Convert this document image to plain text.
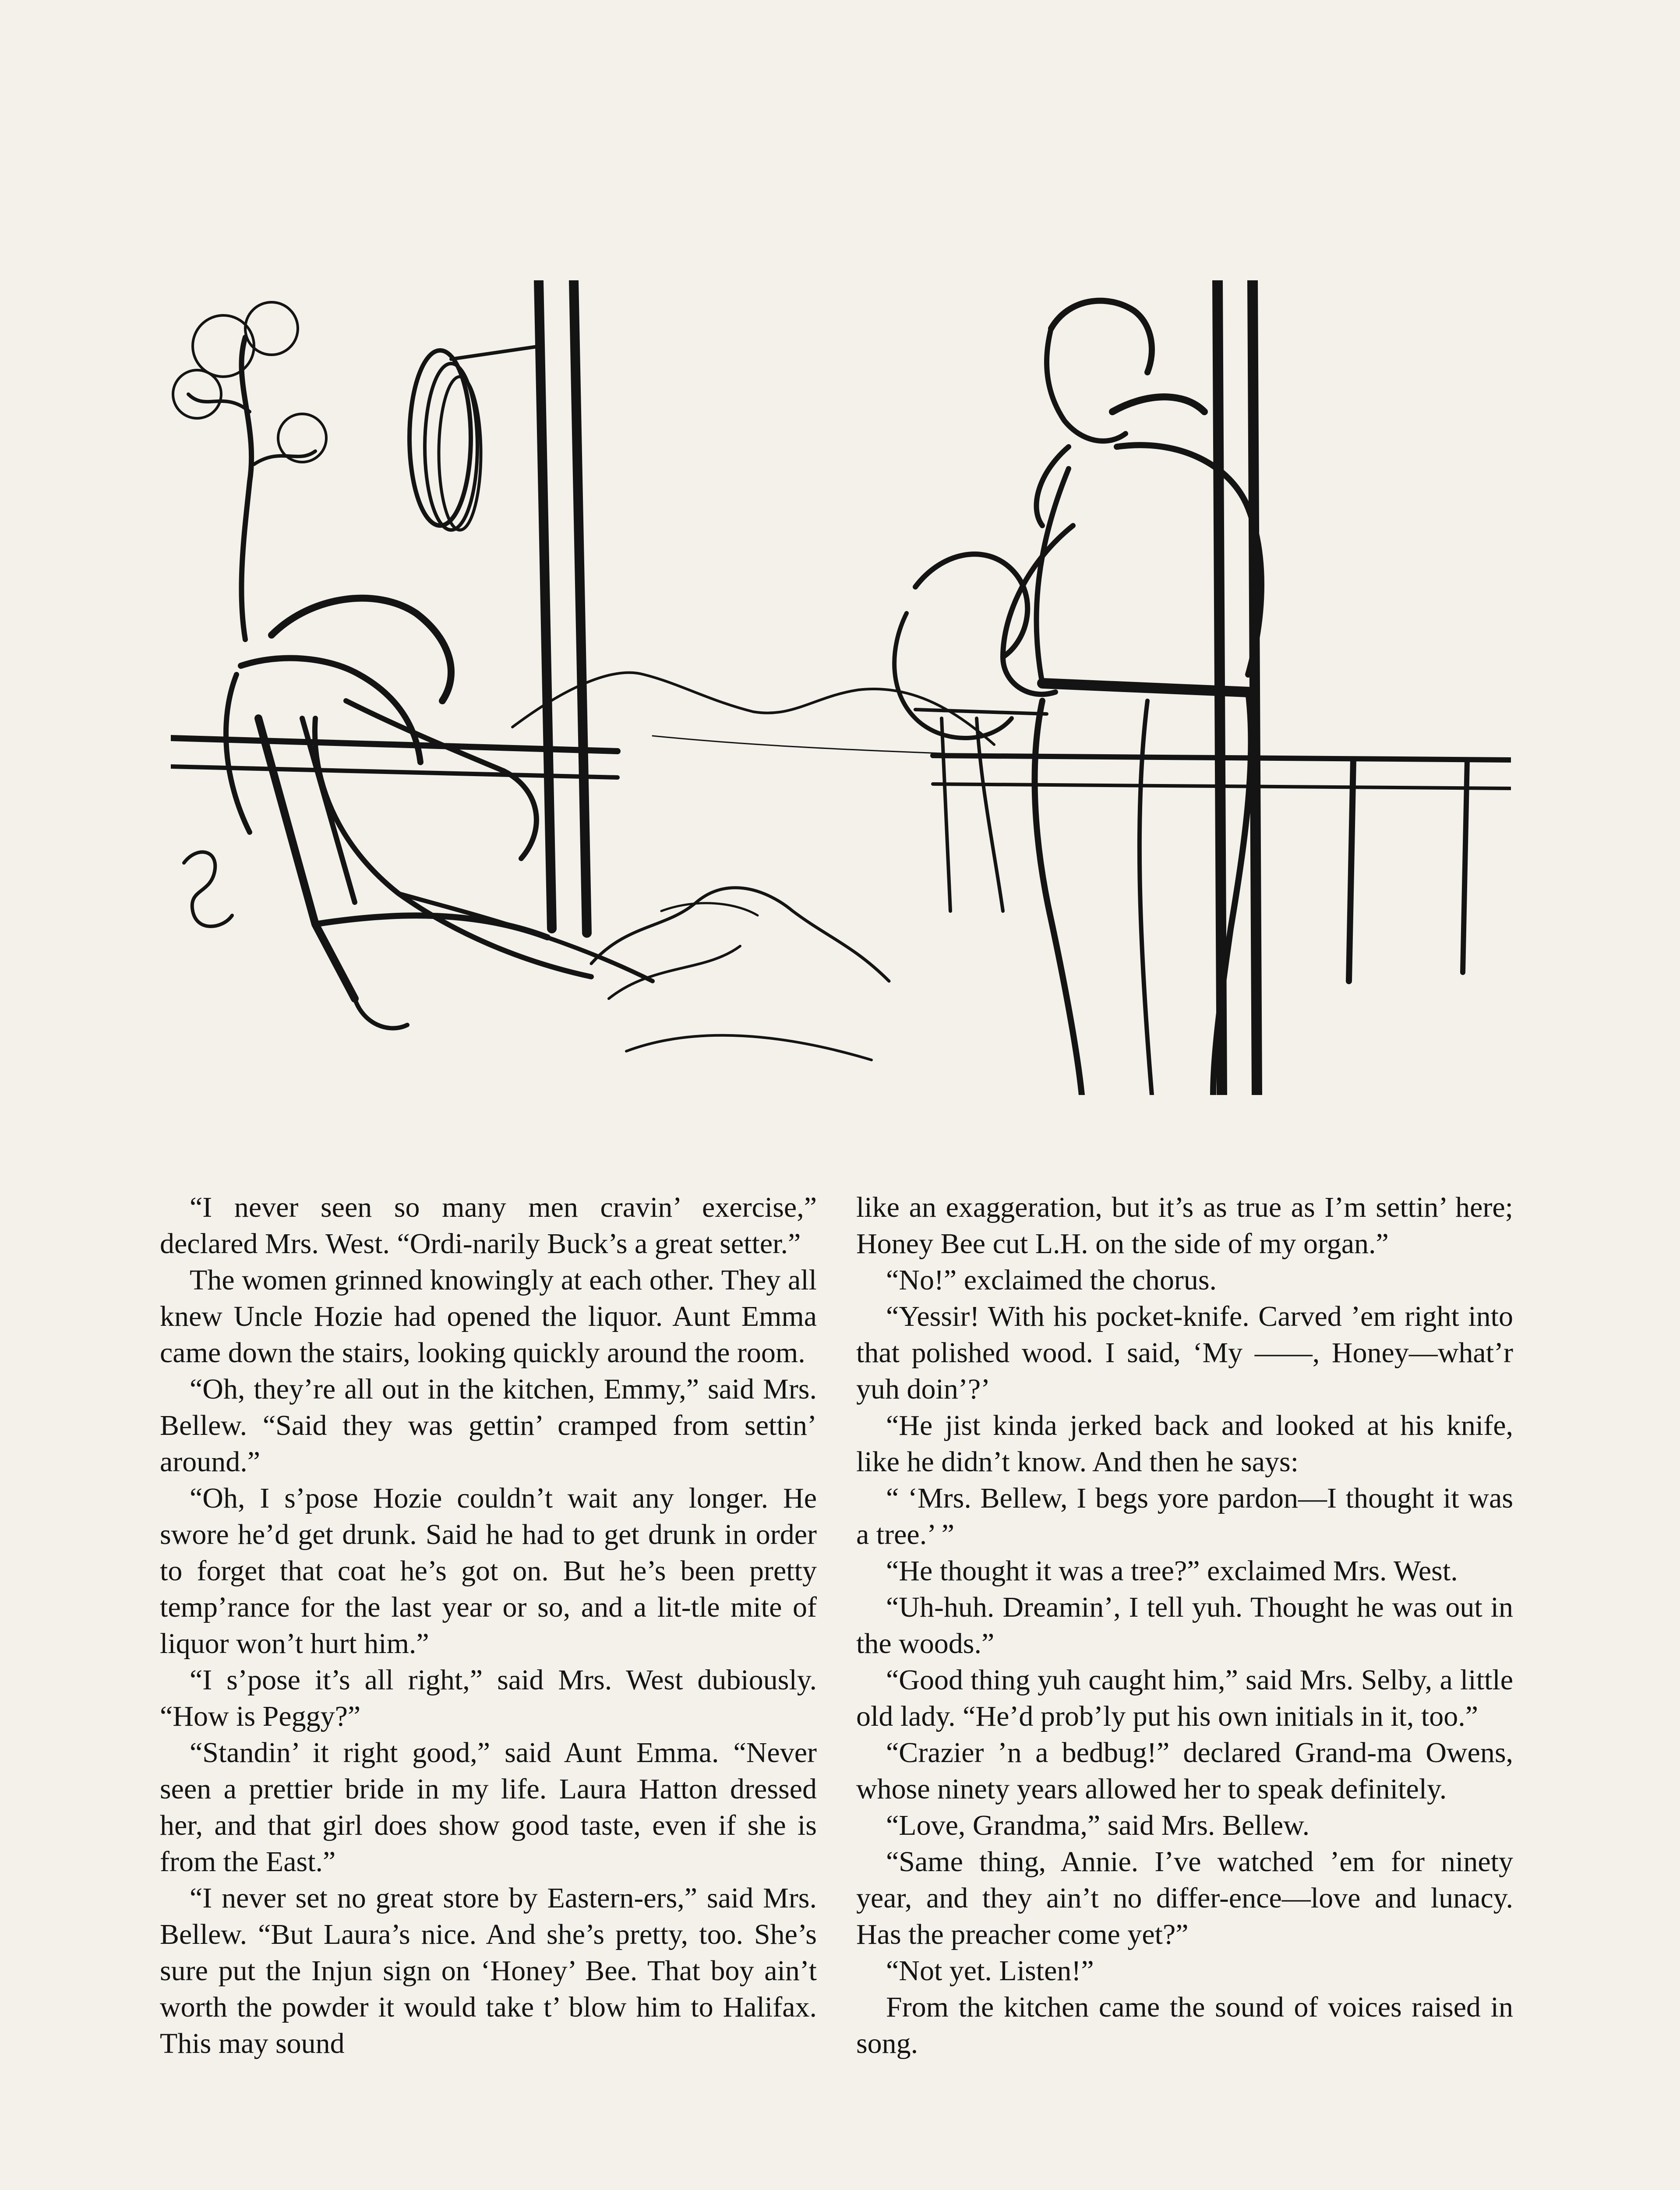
“I never seen so many men cravin’ exercise,” declared Mrs. West. “Ordi-narily Buck’s a great setter.”

The women grinned knowingly at each other. They all knew Uncle Hozie had opened the liquor. Aunt Emma came down the stairs, looking quickly around the room.

“Oh, they’re all out in the kitchen, Emmy,” said Mrs. Bellew. “Said they was gettin’ cramped from settin’ around.”

“Oh, I s’pose Hozie couldn’t wait any longer. He swore he’d get drunk. Said he had to get drunk in order to forget that coat he’s got on. But he’s been pretty temp’rance for the last year or so, and a lit-tle mite of liquor won’t hurt him.”

“I s’pose it’s all right,” said Mrs. West dubiously. “How is Peggy?”

“Standin’ it right good,” said Aunt Emma. “Never seen a prettier bride in my life. Laura Hatton dressed her, and that girl does show good taste, even if she is from the East.”

“I never set no great store by Eastern-ers,” said Mrs. Bellew. “But Laura’s nice. And she’s pretty, too. She’s sure put the Injun sign on ‘Honey’ Bee. That boy ain’t worth the powder it would take t’ blow him to Halifax. This may sound

like an exaggeration, but it’s as true as I’m settin’ here; Honey Bee cut L.H. on the side of my organ.”

“No!” exclaimed the chorus.

“Yessir! With his pocket-knife. Carved ’em right into that polished wood. I said, ‘My ——, Honey—what’r yuh doin’?’

“He jist kinda jerked back and looked at his knife, like he didn’t know. And then he says:

“ ‘Mrs. Bellew, I begs yore pardon—I thought it was a tree.’ ”

“He thought it was a tree?” exclaimed Mrs. West.

“Uh-huh. Dreamin’, I tell yuh. Thought he was out in the woods.”

“Good thing yuh caught him,” said Mrs. Selby, a little old lady. “He’d prob’ly put his own initials in it, too.”

“Crazier ’n a bedbug!” declared Grand-ma Owens, whose ninety years allowed her to speak definitely.

“Love, Grandma,” said Mrs. Bellew.

“Same thing, Annie. I’ve watched ’em for ninety year, and they ain’t no differ-ence—love and lunacy. Has the preacher come yet?”

“Not yet. Listen!”

From the kitchen came the sound of voices raised in song.
